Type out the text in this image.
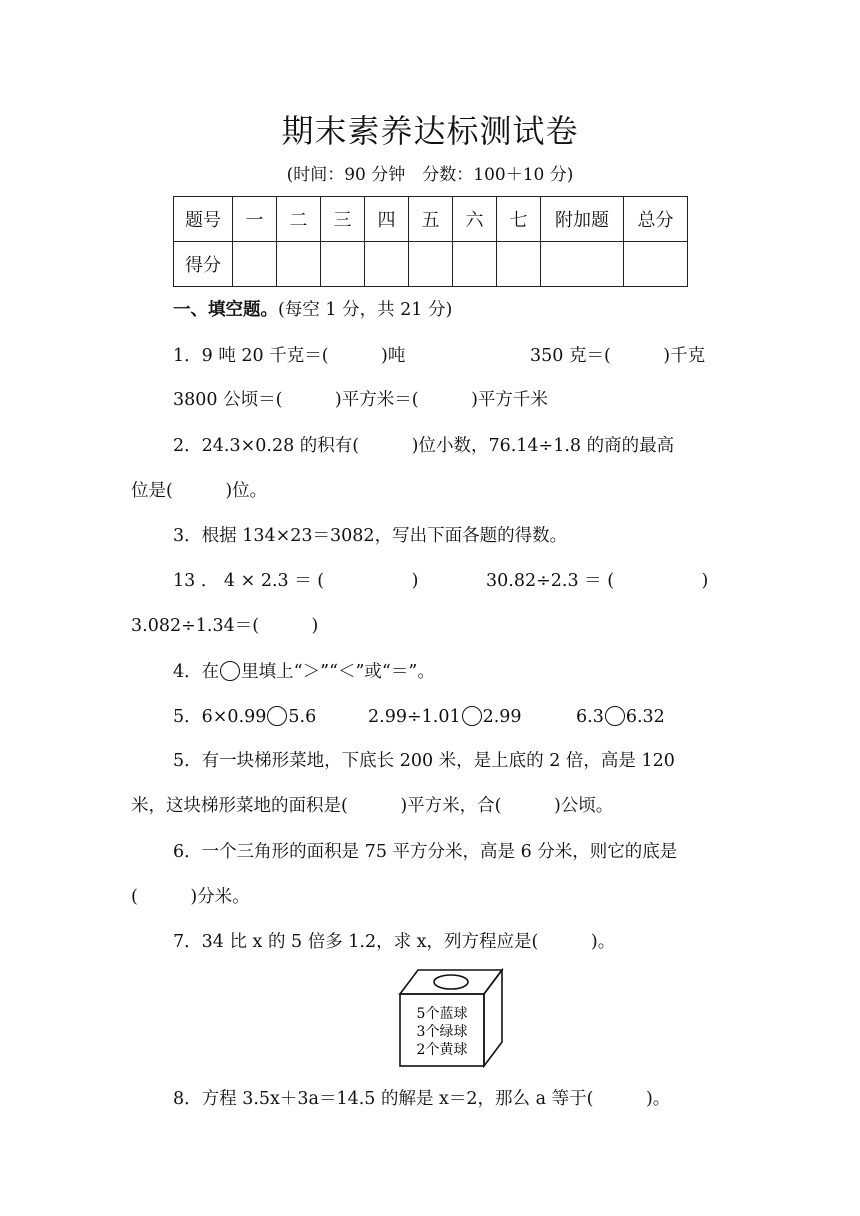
期末素养达标测试卷
(时间：90 分钟　分数：100＋10 分)
题号	一	二	三	四	五	六	七	附加题	总分
得分									
一、填空题。(每空 1 分，共 21 分)
1．9 吨 20 千克＝(　　　)吨	350 克＝(　　　)千克
3800 公顷＝(　　　)平方米＝(　　　)平方千米
2．24.3×0.28 的积有(　　　)位小数，76.14÷1.8 的商的最高
位是(　　　)位。
3．根据 134×23＝3082，写出下面各题的得数。
13 ． 4 × 2.3 ＝ (　　　　　)	30.82÷2.3 ＝ (　　　　　)
3.082÷1.34＝(　　　)
4．在 里填上“＞”“＜”或“＝”。
5．6×0.99 5.6	2.99÷1.01 2.99	6.3 6.32
5．有一块梯形菜地，下底长 200 米，是上底的 2 倍，高是 120
米，这块梯形菜地的面积是(　　　)平方米，合(　　　)公顷。
6．一个三角形的面积是 75 平方分米，高是 6 分米，则它的底是
(　　　)分米。
7．34 比 x 的 5 倍多 1.2，求 x，列方程应是(　　　)。
5个蓝球
3个绿球
2个黄球
8．方程 3.5x＋3a＝14.5 的解是 x＝2，那么 a 等于(　　　)。
